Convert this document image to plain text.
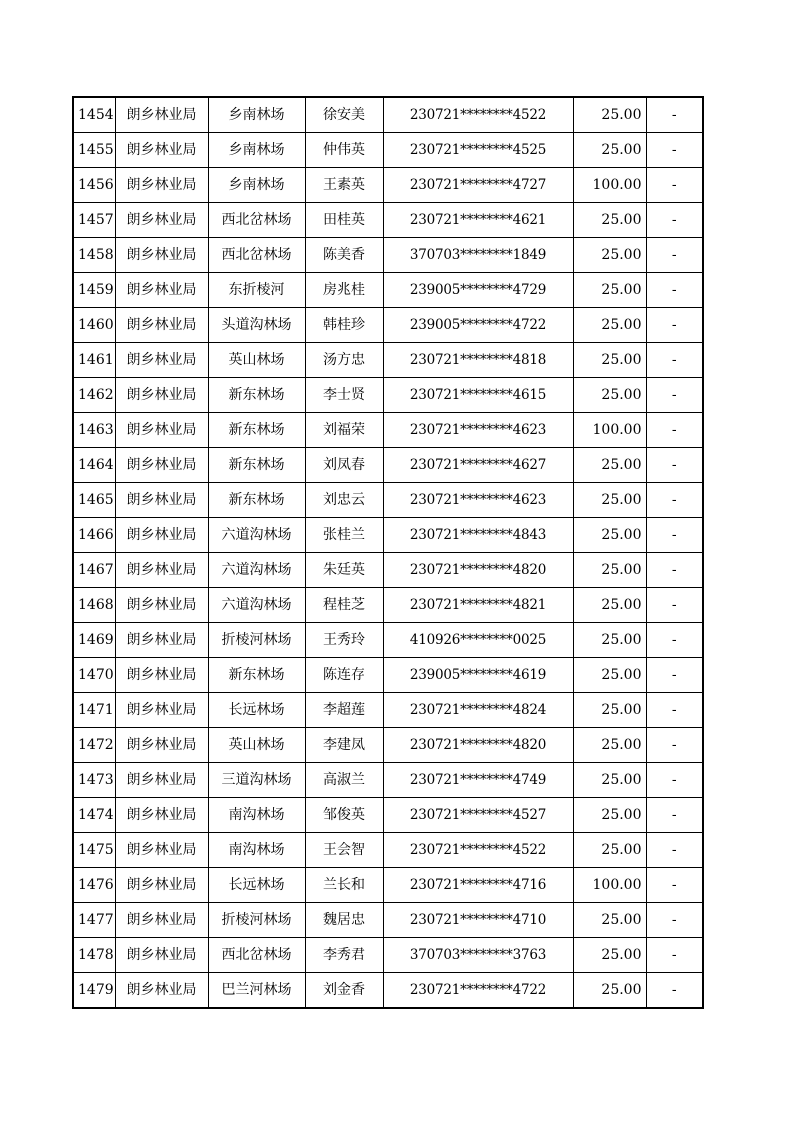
1454	朗乡林业局	乡南林场	徐安美	230721********4522	25.00	-
1455	朗乡林业局	乡南林场	仲伟英	230721********4525	25.00	-
1456	朗乡林业局	乡南林场	王素英	230721********4727	100.00	-
1457	朗乡林业局	西北岔林场	田桂英	230721********4621	25.00	-
1458	朗乡林业局	西北岔林场	陈美香	370703********1849	25.00	-
1459	朗乡林业局	东折棱河	房兆桂	239005********4729	25.00	-
1460	朗乡林业局	头道沟林场	韩桂珍	239005********4722	25.00	-
1461	朗乡林业局	英山林场	汤方忠	230721********4818	25.00	-
1462	朗乡林业局	新东林场	李士贤	230721********4615	25.00	-
1463	朗乡林业局	新东林场	刘福荣	230721********4623	100.00	-
1464	朗乡林业局	新东林场	刘凤春	230721********4627	25.00	-
1465	朗乡林业局	新东林场	刘忠云	230721********4623	25.00	-
1466	朗乡林业局	六道沟林场	张桂兰	230721********4843	25.00	-
1467	朗乡林业局	六道沟林场	朱廷英	230721********4820	25.00	-
1468	朗乡林业局	六道沟林场	程桂芝	230721********4821	25.00	-
1469	朗乡林业局	折棱河林场	王秀玲	410926********0025	25.00	-
1470	朗乡林业局	新东林场	陈连存	239005********4619	25.00	-
1471	朗乡林业局	长远林场	李超莲	230721********4824	25.00	-
1472	朗乡林业局	英山林场	李建凤	230721********4820	25.00	-
1473	朗乡林业局	三道沟林场	高淑兰	230721********4749	25.00	-
1474	朗乡林业局	南沟林场	邹俊英	230721********4527	25.00	-
1475	朗乡林业局	南沟林场	王会智	230721********4522	25.00	-
1476	朗乡林业局	长远林场	兰长和	230721********4716	100.00	-
1477	朗乡林业局	折棱河林场	魏居忠	230721********4710	25.00	-
1478	朗乡林业局	西北岔林场	李秀君	370703********3763	25.00	-
1479	朗乡林业局	巴兰河林场	刘金香	230721********4722	25.00	-
